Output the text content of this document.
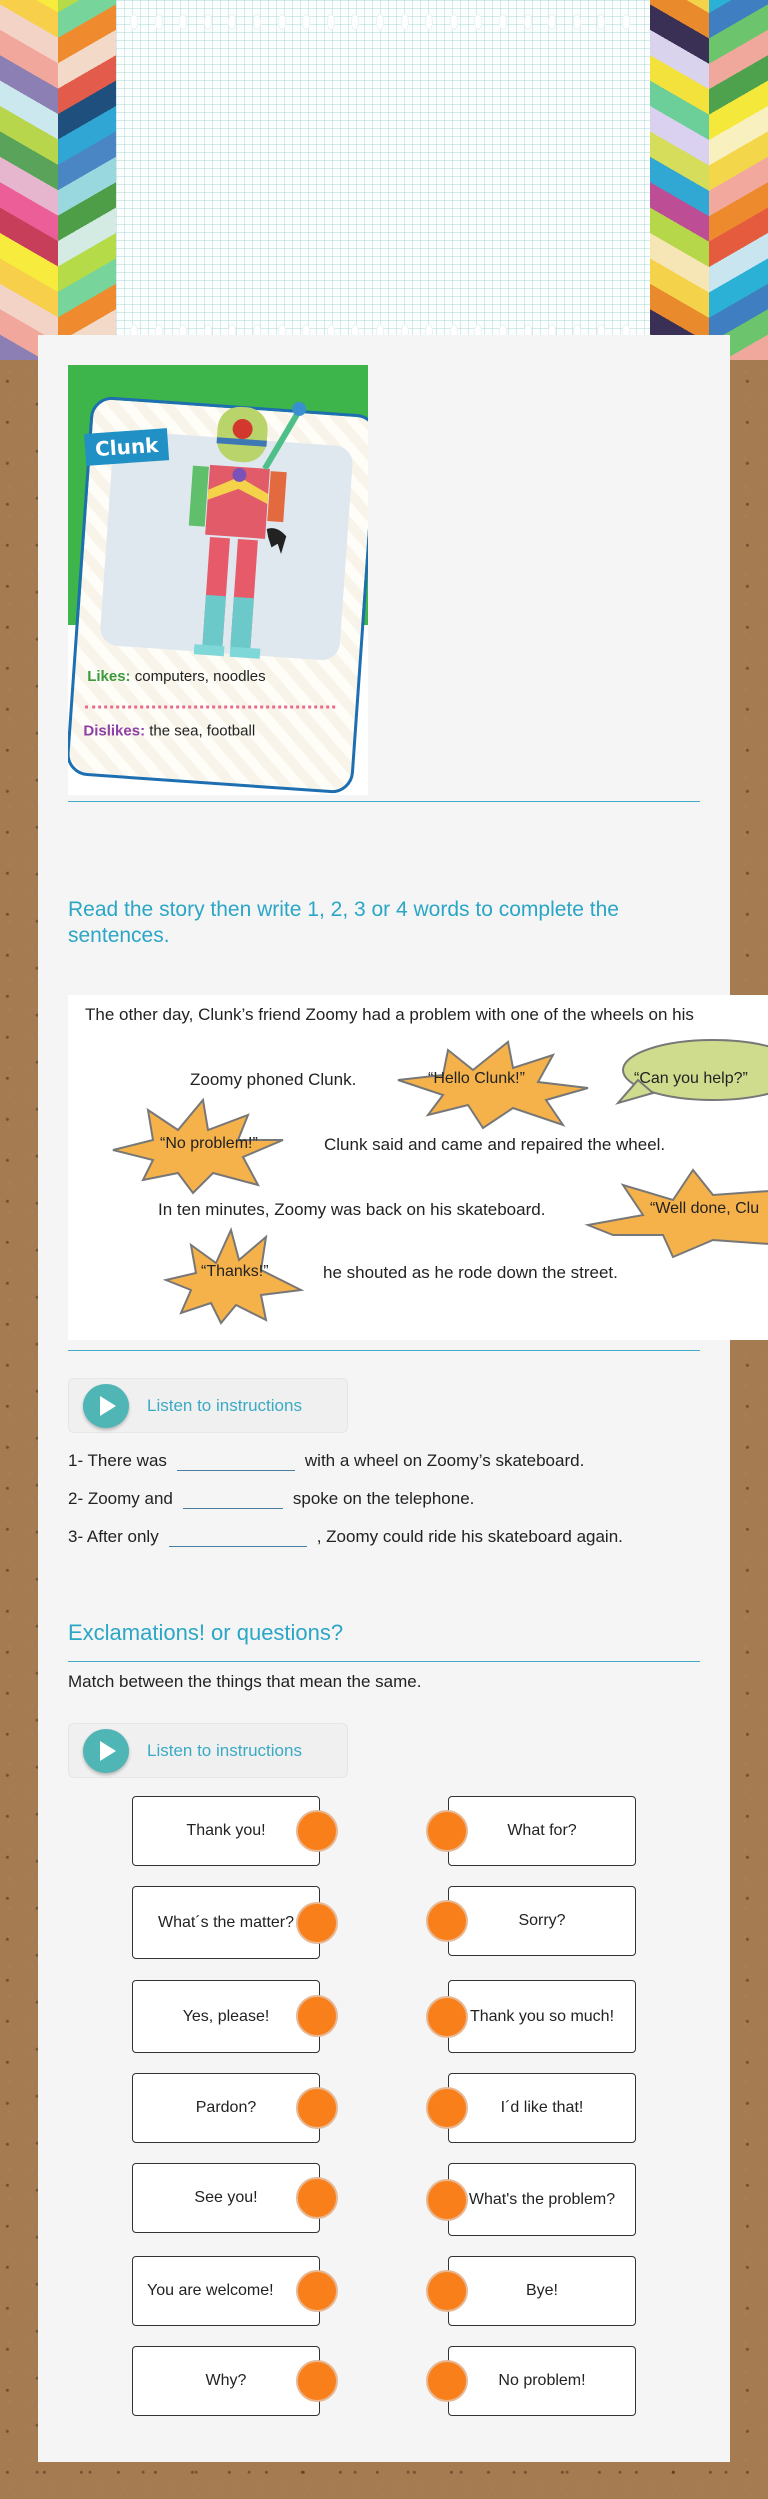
Clunk
Likes: computers, noodles
Dislikes: the sea, football
Read the story then write 1, 2, 3 or 4 words to complete the sentences.
Listen to instructions
1- There was	with a wheel on Zoomy’s skateboard.
2- Zoomy and	spoke on the telephone.
3- After only	, Zoomy could ride his skateboard again.
Exclamations! or questions?
Match between the things that mean the same.
Listen to instructions
Thank you!
What´s the matter?
Yes, please!
Pardon?
See you!
You are welcome!
Why?
What for?
Sorry?
Thank you so much!
I´d like that!
What's the problem?
Bye!
No problem!
The other day, Clunk’s friend Zoomy had a problem with one of the wheels on his
Zoomy phoned Clunk.	“Hello Clunk!”	“Can you help?”
“No problem!”	Clunk said and came and repaired the wheel.
In ten minutes, Zoomy was back on his skateboard.	“Well done, Clu
“Thanks!”	he shouted as he rode down the street.
